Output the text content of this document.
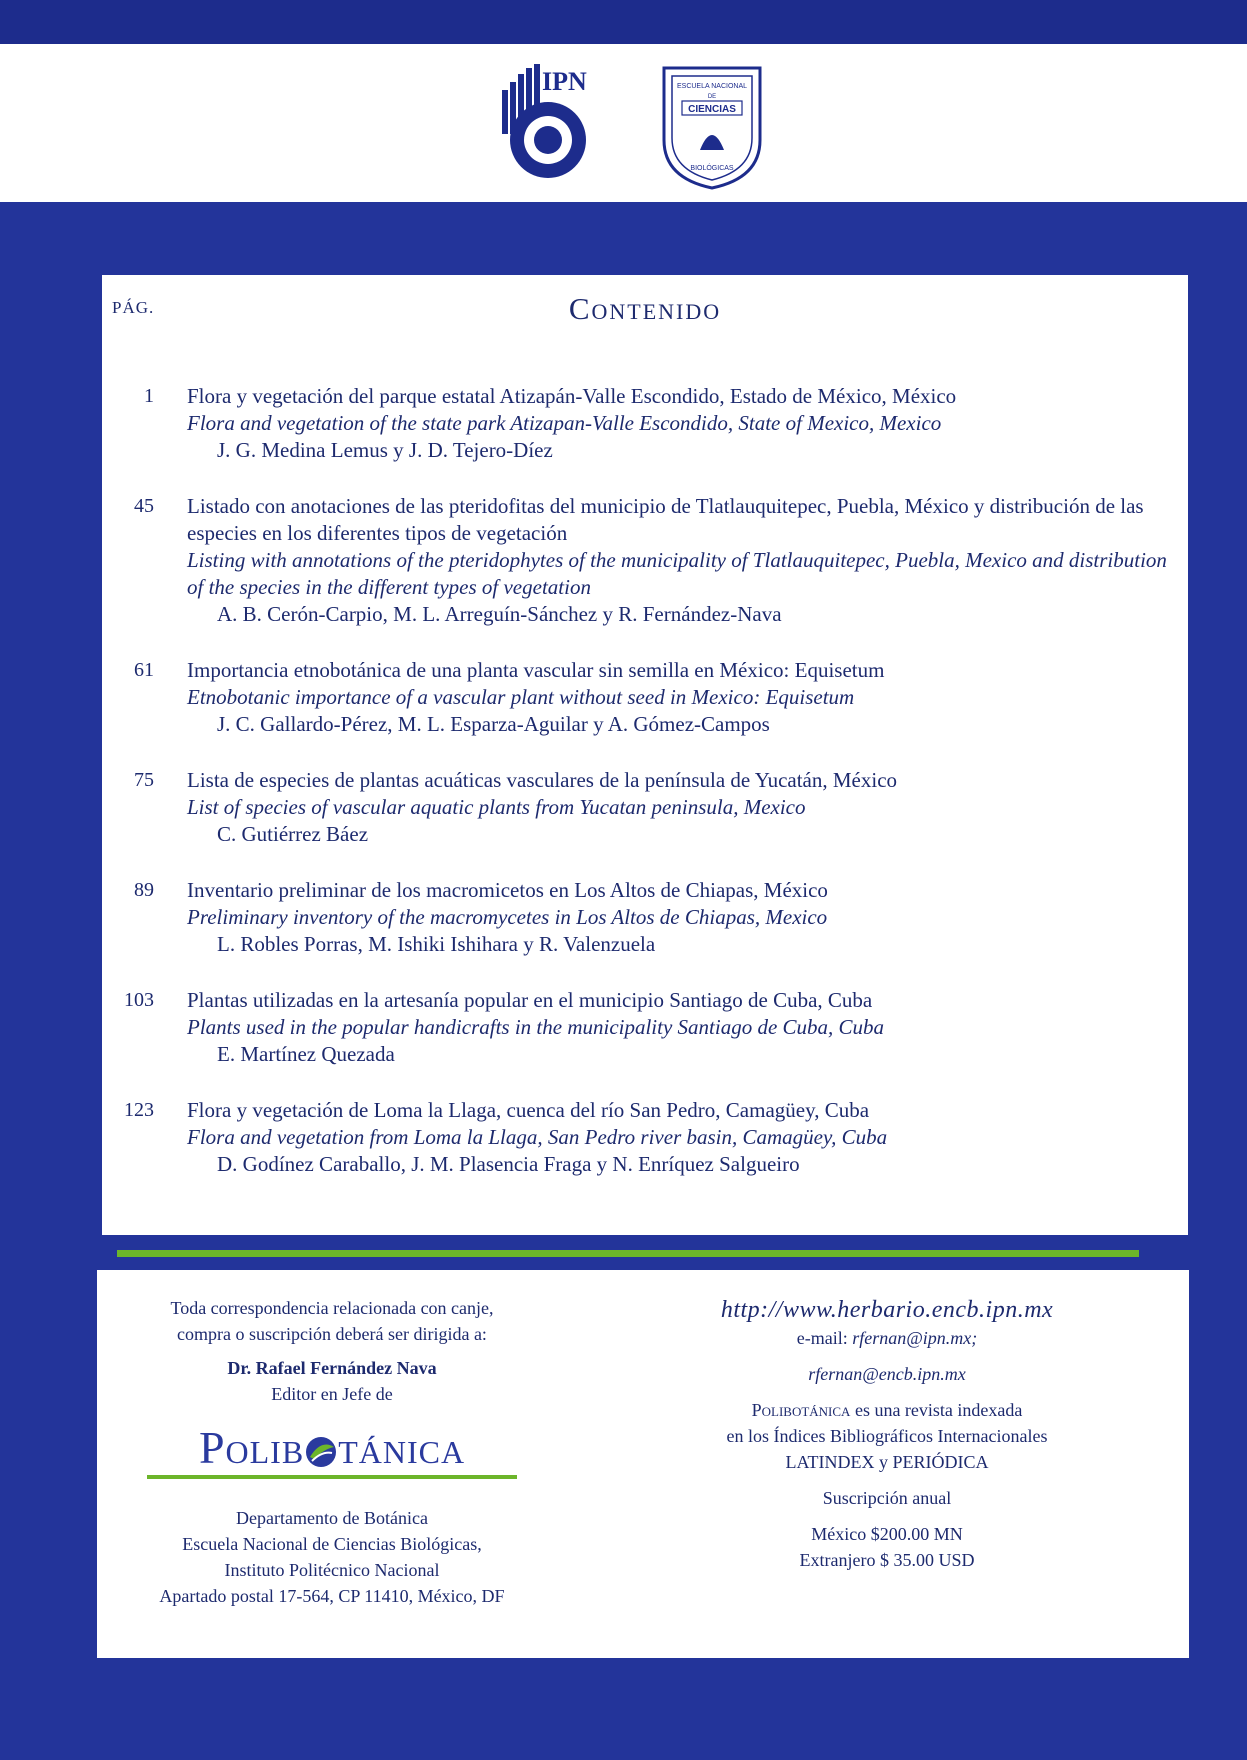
IPN	ESCUELA NACIONAL
DE
CIENCIAS
BIOLÓGICAS
PÁG.	Contenido
1 Flora y vegetación del parque estatal Atizapán-Valle Escondido, Estado de México, México
Flora and vegetation of the state park Atizapan-Valle Escondido, State of Mexico, Mexico
J. G. Medina Lemus y J. D. Tejero-Díez
45 Listado con anotaciones de las pteridofitas del municipio de Tlatlauquitepec, Puebla, México y distribución de las especies en los diferentes tipos de vegetación
Listing with annotations of the pteridophytes of the municipality of Tlatlauquitepec, Puebla, Mexico and distribution of the species in the different types of vegetation
A. B. Cerón-Carpio, M. L. Arreguín-Sánchez y R. Fernández-Nava
61 Importancia etnobotánica de una planta vascular sin semilla en México: Equisetum
Etnobotanic importance of a vascular plant without seed in Mexico: Equisetum
J. C. Gallardo-Pérez, M. L. Esparza-Aguilar y A. Gómez-Campos
75 Lista de especies de plantas acuáticas vasculares de la península de Yucatán, México
List of species of vascular aquatic plants from Yucatan peninsula, Mexico
C. Gutiérrez Báez
89 Inventario preliminar de los macromicetos en Los Altos de Chiapas, México
Preliminary inventory of the macromycetes in Los Altos de Chiapas, Mexico
L. Robles Porras, M. Ishiki Ishihara y R. Valenzuela
103 Plantas utilizadas en la artesanía popular en el municipio Santiago de Cuba, Cuba
Plants used in the popular handicrafts in the municipality Santiago de Cuba, Cuba
E. Martínez Quezada
123 Flora y vegetación de Loma la Llaga, cuenca del río San Pedro, Camagüey, Cuba
Flora and vegetation from Loma la Llaga, San Pedro river basin, Camagüey, Cuba
D. Godínez Caraballo, J. M. Plasencia Fraga y N. Enríquez Salgueiro
Toda correspondencia relacionada con canje,
compra o suscripción deberá ser dirigida a:
Dr. Rafael Fernández Nava
Editor en Jefe de
Polib tánica
Departamento de Botánica
Escuela Nacional de Ciencias Biológicas,
Instituto Politécnico Nacional
Apartado postal 17-564, CP 11410, México, DF
http://www.herbario.encb.ipn.mx
e-mail: rfernan@ipn.mx;
rfernan@encb.ipn.mx
Polibotánica es una revista indexada
en los Índices Bibliográficos Internacionales
LATINDEX y PERIÓDICA
Suscripción anual
México $200.00 MN
Extranjero $ 35.00 USD
